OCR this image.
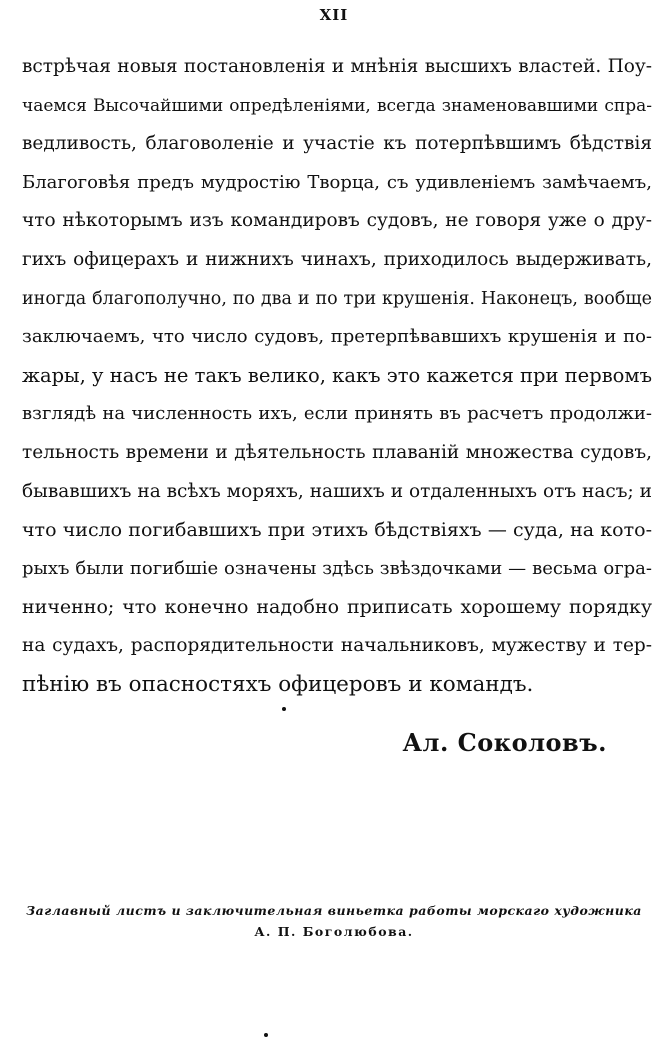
XII
встрѣчая новыя постановленія и мнѣнія высшихъ властей. Поу-
чаемся Высочайшими опредѣленіями, всегда знаменовавшими спра-
ведливость, благоволеніе и участіе къ потерпѣвшимъ бѣдствія
Благоговѣя предъ мудростію Творца, съ удивленіемъ замѣчаемъ,
что нѣкоторымъ изъ командировъ судовъ, не говоря уже о дру-
гихъ офицерахъ и нижнихъ чинахъ, приходилось выдерживать,
иногда благополучно, по два и по три крушенія. Наконецъ, вообще
заключаемъ, что число судовъ, претерпѣвавшихъ крушенія и по-
жары, у насъ не такъ велико, какъ это кажется при первомъ
взглядѣ на численность ихъ, если принять въ расчетъ продолжи-
тельность времени и дѣятельность плаваній множества судовъ,
бывавшихъ на всѣхъ моряхъ, нашихъ и отдаленныхъ отъ насъ; и
что число погибавшихъ при этихъ бѣдствіяхъ — суда, на кото-
рыхъ были погибшіе означены здѣсь звѣздочками — весьма огра-
ниченно; что конечно надобно приписать хорошему порядку
на судахъ, распорядительности начальниковъ, мужеству и тер-
пѣнію въ опасностяхъ офицеровъ и командъ.
Ал. Соколовъ.
Заглавный листъ и заключительная виньетка работы морскаго художника
А. П. Боголюбова.
